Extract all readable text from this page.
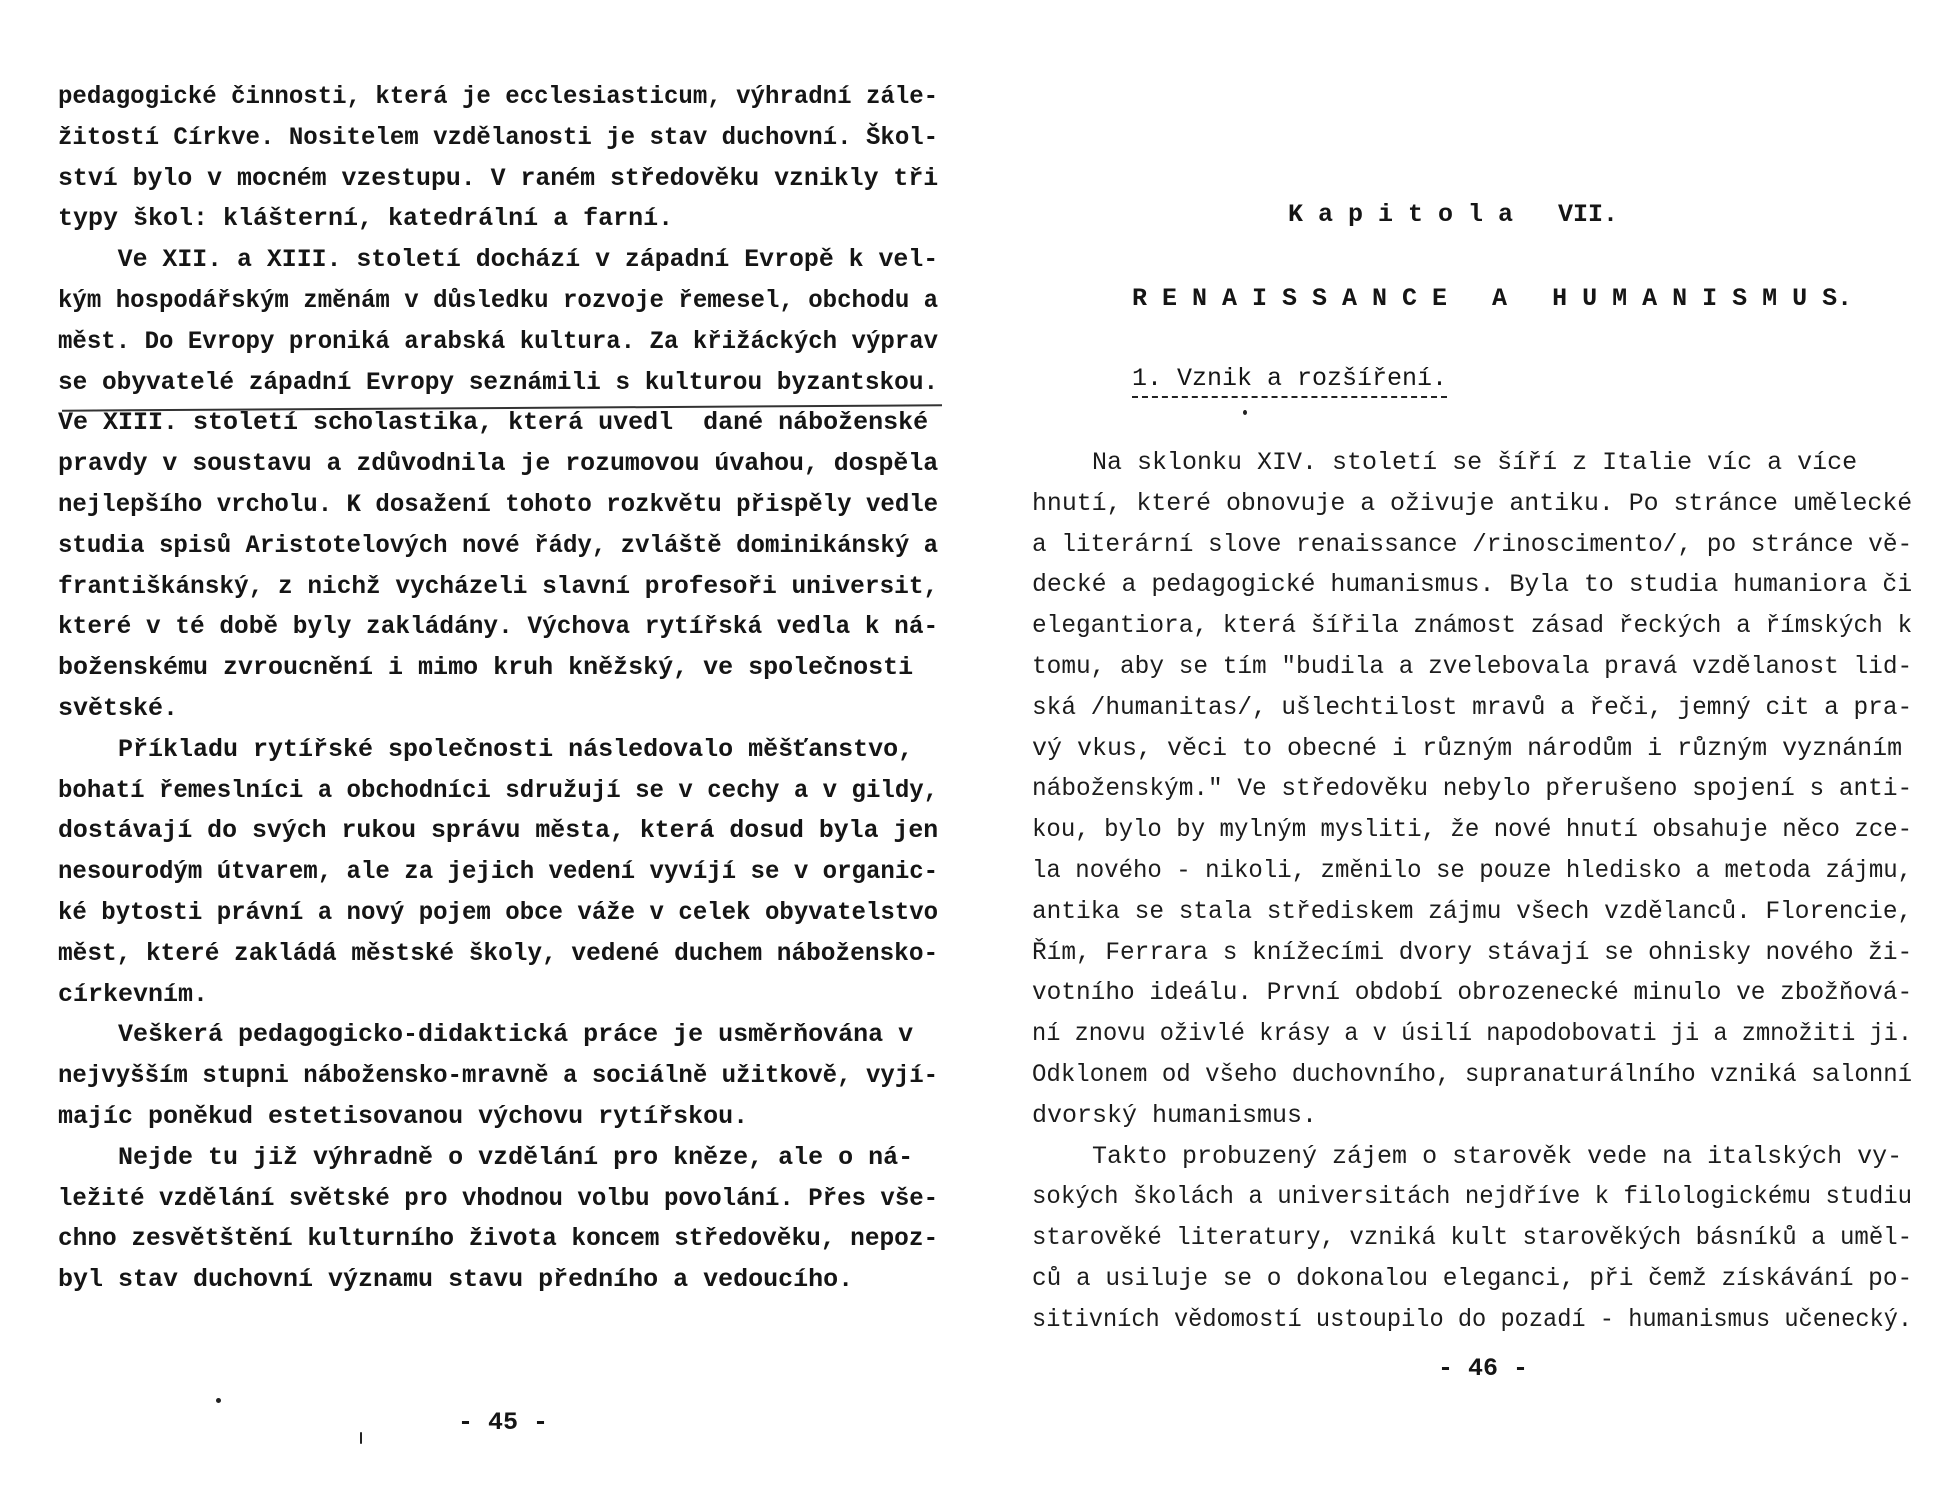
pedagogické činnosti, která je ecclesiasticum, výhradní zále-
žitostí Církve. Nositelem vzdělanosti je stav duchovní. Škol-
ství bylo v mocném vzestupu. V raném středověku vznikly tři
typy škol: klášterní, katedrální a farní.
Ve XII. a XIII. století dochází v západní Evropě k vel-
kým hospodářským změnám v důsledku rozvoje řemesel, obchodu a
měst. Do Evropy proniká arabská kultura. Za křižáckých výprav
se obyvatelé západní Evropy seznámili s kulturou byzantskou.
Ve XIII. století scholastika, která uvedl  dané náboženské
pravdy v soustavu a zdůvodnila je rozumovou úvahou, dospěla
nejlepšího vrcholu. K dosažení tohoto rozkvětu přispěly vedle
studia spisů Aristotelových nové řády, zvláště dominikánský a
františkánský, z nichž vycházeli slavní profesoři universit,
které v té době byly zakládány. Výchova rytířská vedla k ná-
boženskému zvroucnění i mimo kruh kněžský, ve společnosti
světské.
Příkladu rytířské společnosti následovalo měšťanstvo,
bohatí řemeslníci a obchodníci sdružují se v cechy a v gildy,
dostávají do svých rukou správu města, která dosud byla jen
nesourodým útvarem, ale za jejich vedení vyvíjí se v organic-
ké bytosti právní a nový pojem obce váže v celek obyvatelstvo
měst, které zakládá městské školy, vedené duchem nábožensko-
církevním.
Veškerá pedagogicko-didaktická práce je usměrňována v
nejvyšším stupni nábožensko-mravně a sociálně užitkově, vyjí-
majíc poněkud estetisovanou výchovu rytířskou.
Nejde tu již výhradně o vzdělání pro kněze, ale o ná-
ležité vzdělání světské pro vhodnou volbu povolání. Přes vše-
chno zesvětštění kulturního života koncem středověku, nepoz-
byl stav duchovní významu stavu předního a vedoucího.
- 45 -
K a p i t o l a   VII.
R E N A I S S A N C E   A   H U M A N I S M U S.
1. Vznik a rozšíření.
Na sklonku XIV. století se šíří z Italie víc a více
hnutí, které obnovuje a oživuje antiku. Po stránce umělecké
a literární slove renaissance /rinoscimento/, po stránce vě-
decké a pedagogické humanismus. Byla to studia humaniora či
elegantiora, která šířila známost zásad řeckých a římských k
tomu, aby se tím "budila a zvelebovala pravá vzdělanost lid-
ská /humanitas/, ušlechtilost mravů a řeči, jemný cit a pra-
vý vkus, věci to obecné i různým národům i různým vyznáním
náboženským." Ve středověku nebylo přerušeno spojení s anti-
kou, bylo by mylným mysliti, že nové hnutí obsahuje něco zce-
la nového - nikoli, změnilo se pouze hledisko a metoda zájmu,
antika se stala střediskem zájmu všech vzdělanců. Florencie,
Řím, Ferrara s knížecími dvory stávají se ohnisky nového ži-
votního ideálu. První období obrozenecké minulo ve zbožňová-
ní znovu oživlé krásy a v úsilí napodobovati ji a zmnožiti ji.
Odklonem od všeho duchovního, supranaturálního vzniká salonní
dvorský humanismus.
Takto probuzený zájem o starověk vede na italských vy-
sokých školách a universitách nejdříve k filologickému studiu
starověké literatury, vzniká kult starověkých básníků a uměl-
ců a usiluje se o dokonalou eleganci, při čemž získávání po-
sitivních vědomostí ustoupilo do pozadí - humanismus učenecký.
- 46 -
